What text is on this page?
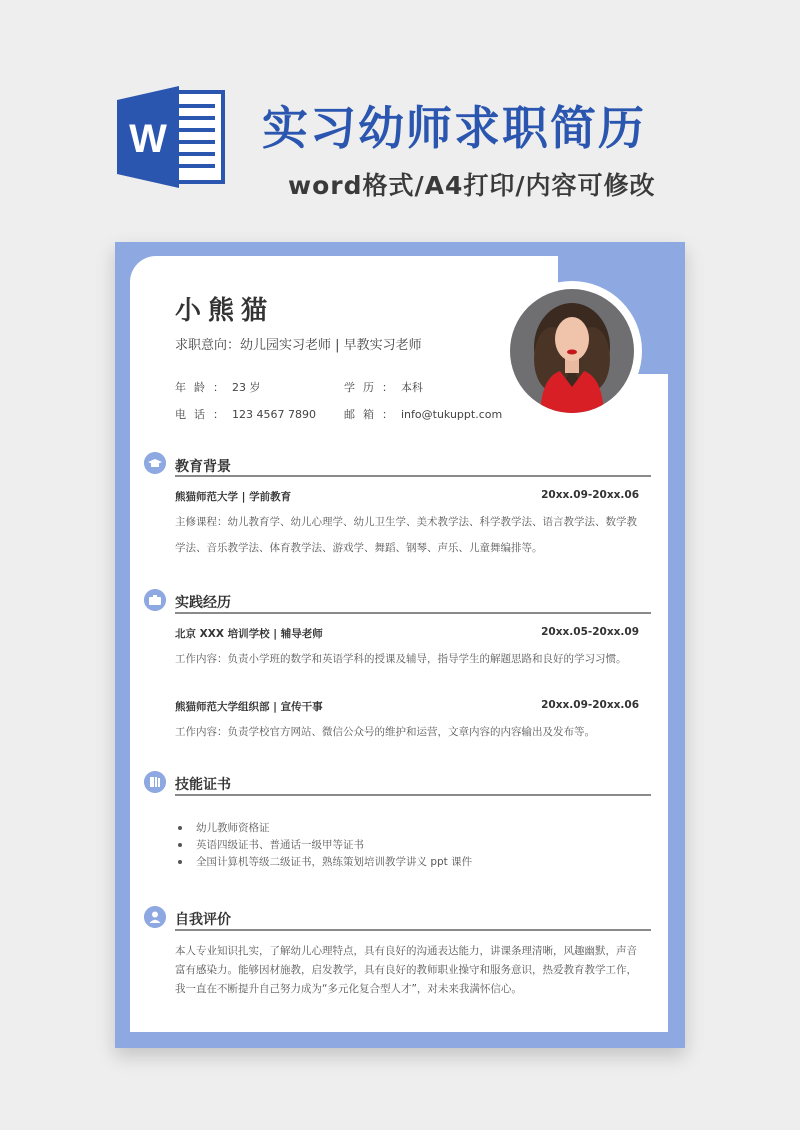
W 实习幼师求职简历
word格式/A4打印/内容可修改
小熊猫
求职意向：幼儿园实习老师 | 早教实习老师
年龄：23 岁	学历：本科
电话：123 4567 7890	邮箱：info@tukuppt.com
教育背景
熊猫师范大学 | 学前教育	20xx.09-20xx.06
主修课程：幼儿教育学、幼儿心理学、幼儿卫生学、美术教学法、科学教学法、语言教学法、数学教
学法、音乐教学法、体育教学法、游戏学、舞蹈、钢琴、声乐、儿童舞编排等。
实践经历
北京 XXX 培训学校 | 辅导老师	20xx.05-20xx.09
工作内容：负责小学班的数学和英语学科的授课及辅导，指导学生的解题思路和良好的学习习惯。
熊猫师范大学组织部 | 宣传干事	20xx.09-20xx.06
工作内容：负责学校官方网站、微信公众号的维护和运营，文章内容的内容输出及发布等。
技能证书
幼儿教师资格证
英语四级证书、普通话一级甲等证书
全国计算机等级二级证书，熟练策划培训教学讲义 ppt 课件
自我评价
本人专业知识扎实，了解幼儿心理特点，具有良好的沟通表达能力，讲课条理清晰，风趣幽默，声音
富有感染力。能够因材施教，启发教学，具有良好的教师职业操守和服务意识，热爱教育教学工作，
我一直在不断提升自己努力成为“多元化复合型人才”，对未来我满怀信心。
